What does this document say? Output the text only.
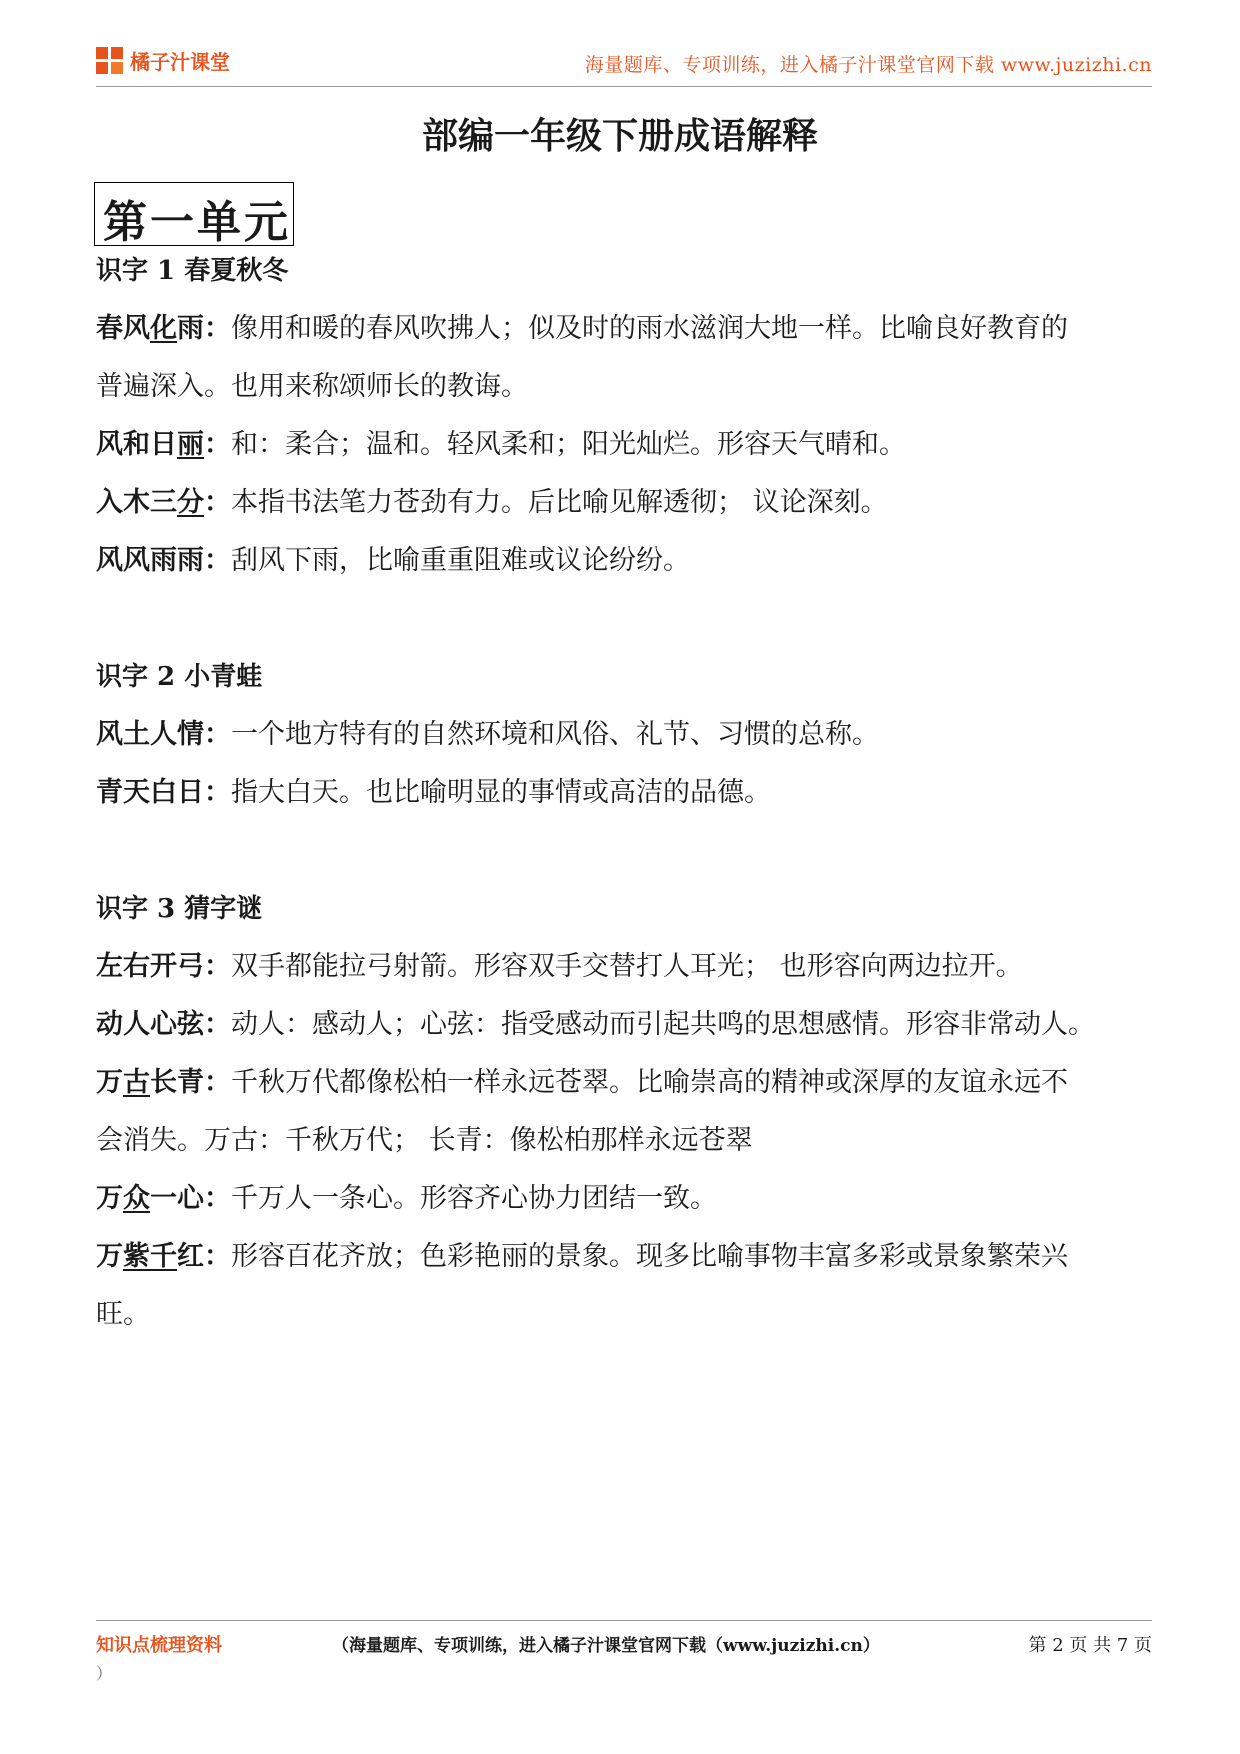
橘子汁课堂	海量题库、专项训练，进入橘子汁课堂官网下载 www.juzizhi.cn
部编一年级下册成语解释
第一单元
识字 1 春夏秋冬
春风化雨：像用和暖的春风吹拂人；似及时的雨水滋润大地一样。比喻良好教育的
普遍深入。也用来称颂师长的教诲。
风和日丽：和：柔合；温和。轻风柔和；阳光灿烂。形容天气晴和。
入木三分：本指书法笔力苍劲有力。后比喻见解透彻； 议论深刻。
风风雨雨：刮风下雨，比喻重重阻难或议论纷纷。
识字 2 小青蛙
风土人情：一个地方特有的自然环境和风俗、礼节、习惯的总称。
青天白日：指大白天。也比喻明显的事情或高洁的品德。
识字 3 猜字谜
左右开弓：双手都能拉弓射箭。形容双手交替打人耳光； 也形容向两边拉开。
动人心弦：动人：感动人；心弦：指受感动而引起共鸣的思想感情。形容非常动人。
万古长青：千秋万代都像松柏一样永远苍翠。比喻崇高的精神或深厚的友谊永远不
会消失。万古：千秋万代； 长青：像松柏那样永远苍翠
万众一心：千万人一条心。形容齐心协力团结一致。
万紫千红：形容百花齐放；色彩艳丽的景象。现多比喻事物丰富多彩或景象繁荣兴
旺。
知识点梳理资料	（海量题库、专项训练，进入橘子汁课堂官网下载（www.juzizhi.cn）	第 2 页 共 7 页
）
